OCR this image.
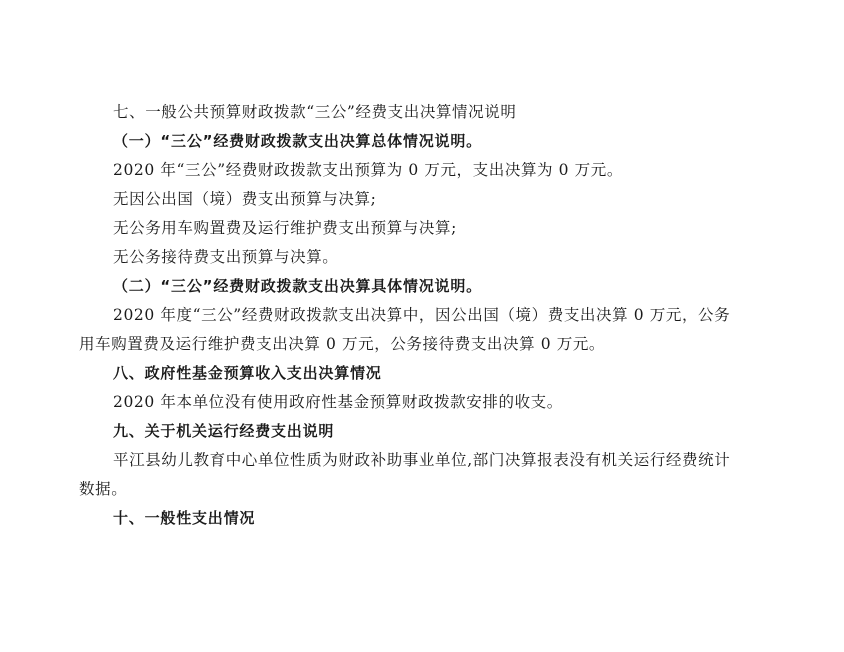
七、一般公共预算财政拨款“三公”经费支出决算情况说明
（一）“三公”经费财政拨款支出决算总体情况说明。
2020 年“三公”经费财政拨款支出预算为 0 万元，支出决算为 0 万元。
无因公出国（境）费支出预算与决算;
无公务用车购置费及运行维护费支出预算与决算;
无公务接待费支出预算与决算。
（二）“三公”经费财政拨款支出决算具体情况说明。
2020 年度“三公”经费财政拨款支出决算中，因公出国（境）费支出决算 0 万元，公务
用车购置费及运行维护费支出决算 0 万元，公务接待费支出决算 0 万元。
八、政府性基金预算收入支出决算情况
2020 年本单位没有使用政府性基金预算财政拨款安排的收支。
九、关于机关运行经费支出说明
平江县幼儿教育中心单位性质为财政补助事业单位,部门决算报表没有机关运行经费统计
数据。
十、一般性支出情况
